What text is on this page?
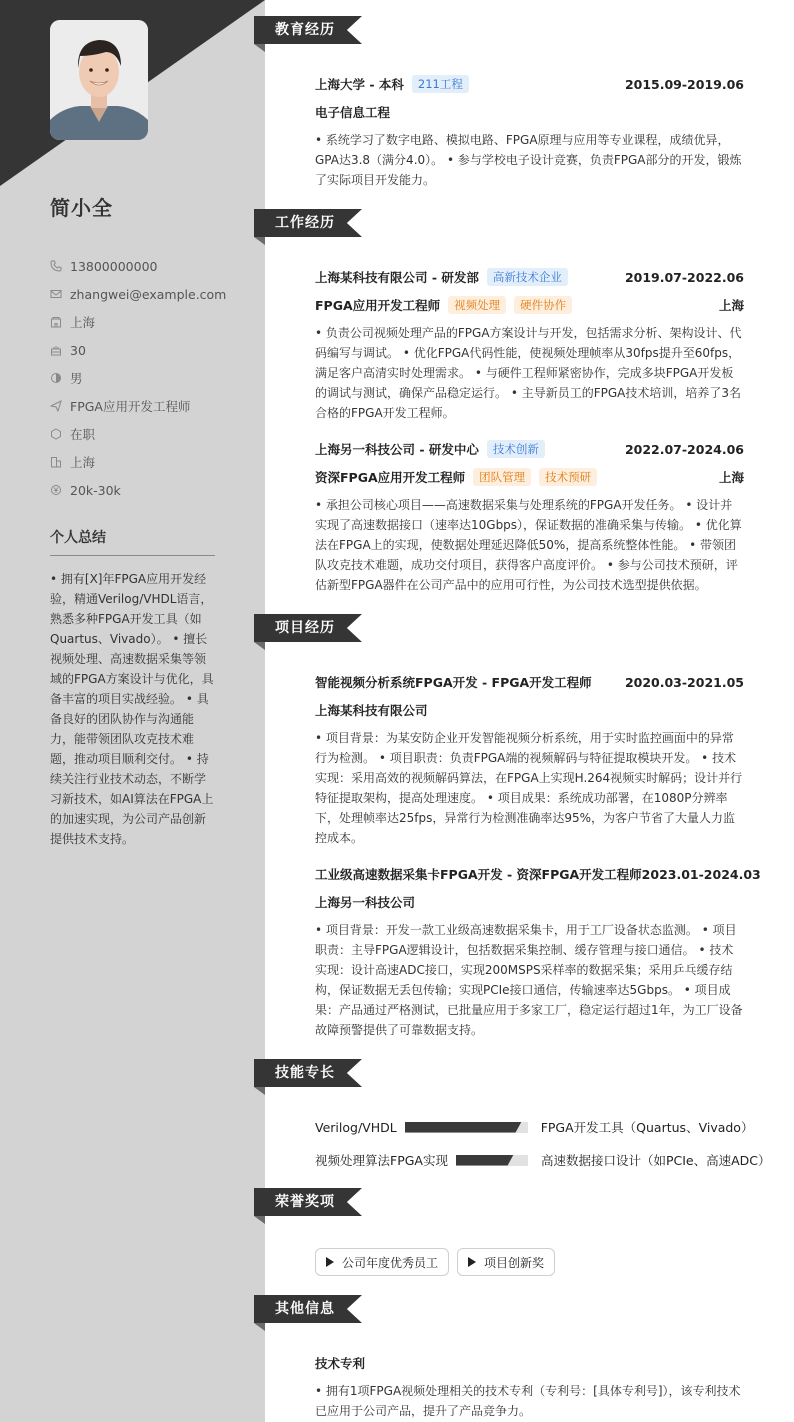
简小全
13800000000
zhangwei@example.com
上海
30
男
FPGA应用开发工程师
在职
上海
20k-30k
个人总结
• 拥有[X]年FPGA应用开发经验，精通Verilog/VHDL语言，熟悉多种FPGA开发工具（如Quartus、Vivado）。 • 擅长视频处理、高速数据采集等领域的FPGA方案设计与优化，具备丰富的项目实战经验。 • 具备良好的团队协作与沟通能力，能带领团队攻克技术难题，推动项目顺利交付。 • 持续关注行业技术动态，不断学习新技术，如AI算法在FPGA上的加速实现，为公司产品创新提供技术支持。
教育经历
上海大学 - 本科	211工程	2015.09-2019.06
电子信息工程
• 系统学习了数字电路、模拟电路、FPGA原理与应用等专业课程，成绩优异，GPA达3.8（满分4.0）。 • 参与学校电子设计竞赛，负责FPGA部分的开发，锻炼了实际项目开发能力。
工作经历
上海某科技有限公司 - 研发部	高新技术企业	2019.07-2022.06
FPGA应用开发工程师	视频处理	硬件协作	上海
• 负责公司视频处理产品的FPGA方案设计与开发，包括需求分析、架构设计、代码编写与调试。 • 优化FPGA代码性能，使视频处理帧率从30fps提升至60fps，满足客户高清实时处理需求。 • 与硬件工程师紧密协作，完成多块FPGA开发板的调试与测试，确保产品稳定运行。 • 主导新员工的FPGA技术培训，培养了3名合格的FPGA开发工程师。
上海另一科技公司 - 研发中心	技术创新	2022.07-2024.06
资深FPGA应用开发工程师	团队管理	技术预研	上海
• 承担公司核心项目——高速数据采集与处理系统的FPGA开发任务。 • 设计并实现了高速数据接口（速率达10Gbps），保证数据的准确采集与传输。 • 优化算法在FPGA上的实现，使数据处理延迟降低50%，提高系统整体性能。 • 带领团队攻克技术难题，成功交付项目，获得客户高度评价。 • 参与公司技术预研，评估新型FPGA器件在公司产品中的应用可行性，为公司技术选型提供依据。
项目经历
智能视频分析系统FPGA开发 - FPGA开发工程师	2020.03-2021.05
上海某科技有限公司
• 项目背景：为某安防企业开发智能视频分析系统，用于实时监控画面中的异常行为检测。 • 项目职责：负责FPGA端的视频解码与特征提取模块开发。 • 技术实现：采用高效的视频解码算法，在FPGA上实现H.264视频实时解码；设计并行特征提取架构，提高处理速度。 • 项目成果：系统成功部署，在1080P分辨率下，处理帧率达25fps，异常行为检测准确率达95%，为客户节省了大量人力监控成本。
工业级高速数据采集卡FPGA开发 - 资深FPGA开发工程师 2023.01-2024.03
上海另一科技公司
• 项目背景：开发一款工业级高速数据采集卡，用于工厂设备状态监测。 • 项目职责：主导FPGA逻辑设计，包括数据采集控制、缓存管理与接口通信。 • 技术实现：设计高速ADC接口，实现200MSPS采样率的数据采集；采用乒乓缓存结构，保证数据无丢包传输；实现PCIe接口通信，传输速率达5Gbps。 • 项目成果：产品通过严格测试，已批量应用于多家工厂，稳定运行超过1年，为工厂设备故障预警提供了可靠数据支持。
技能专长
Verilog/VHDL	FPGA开发工具（Quartus、Vivado）
视频处理算法FPGA实现	高速数据接口设计（如PCIe、高速ADC）
荣誉奖项
公司年度优秀员工	项目创新奖
其他信息
技术专利
• 拥有1项FPGA视频处理相关的技术专利（专利号：[具体专利号]），该专利技术已应用于公司产品，提升了产品竞争力。
